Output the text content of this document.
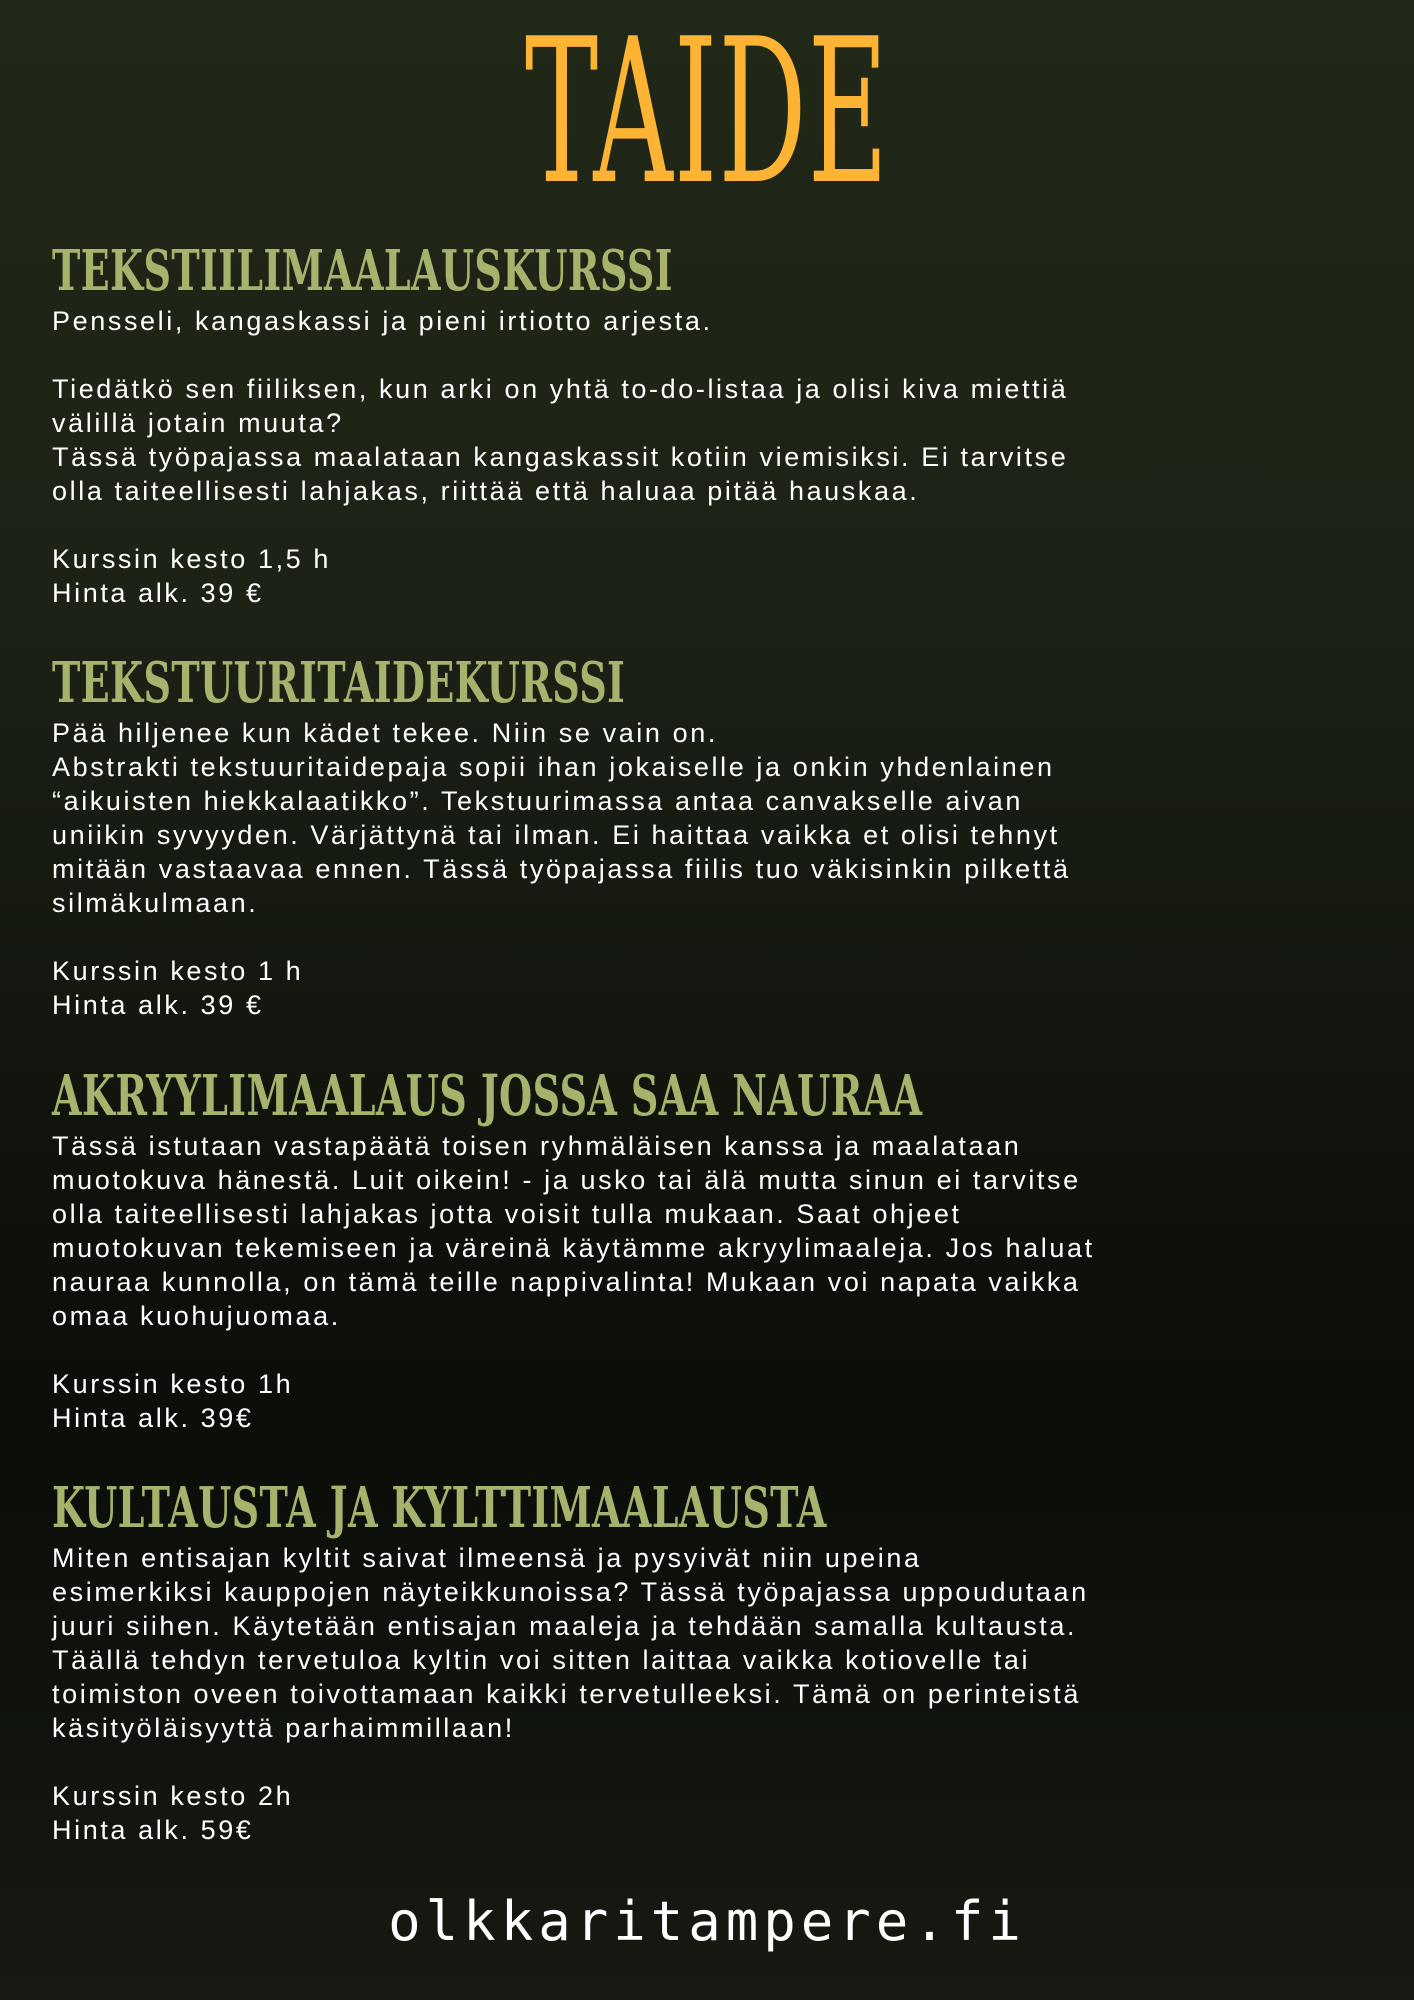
TAIDE
TEKSTIILIMAALAUSKURSSI
Pensseli, kangaskassi ja pieni irtiotto arjesta.
Tiedätkö sen fiiliksen, kun arki on yhtä to-do-listaa ja olisi kiva miettiä
välillä jotain muuta?
Tässä työpajassa maalataan kangaskassit kotiin viemisiksi. Ei tarvitse
olla taiteellisesti lahjakas, riittää että haluaa pitää hauskaa.
Kurssin kesto 1,5 h
Hinta alk. 39 €
TEKSTUURITAIDEKURSSI
Pää hiljenee kun kädet tekee. Niin se vain on.
Abstrakti tekstuuritaidepaja sopii ihan jokaiselle ja onkin yhdenlainen
“aikuisten hiekkalaatikko”. Tekstuurimassa antaa canvakselle aivan
uniikin syvyyden. Värjättynä tai ilman. Ei haittaa vaikka et olisi tehnyt
mitään vastaavaa ennen. Tässä työpajassa fiilis tuo väkisinkin pilkettä
silmäkulmaan.
Kurssin kesto 1 h
Hinta alk. 39 €
AKRYYLIMAALAUS JOSSA SAA NAURAA
Tässä istutaan vastapäätä toisen ryhmäläisen kanssa ja maalataan
muotokuva hänestä. Luit oikein! - ja usko tai älä mutta sinun ei tarvitse
olla taiteellisesti lahjakas jotta voisit tulla mukaan. Saat ohjeet
muotokuvan tekemiseen ja väreinä käytämme akryylimaaleja. Jos haluat
nauraa kunnolla, on tämä teille nappivalinta! Mukaan voi napata vaikka
omaa kuohujuomaa.
Kurssin kesto 1h
Hinta alk. 39€
KULTAUSTA JA KYLTTIMAALAUSTA
Miten entisajan kyltit saivat ilmeensä ja pysyivät niin upeina
esimerkiksi kauppojen näyteikkunoissa? Tässä työpajassa uppoudutaan
juuri siihen. Käytetään entisajan maaleja ja tehdään samalla kultausta.
Täällä tehdyn tervetuloa kyltin voi sitten laittaa vaikka kotiovelle tai
toimiston oveen toivottamaan kaikki tervetulleeksi. Tämä on perinteistä
käsityöläisyyttä parhaimmillaan!
Kurssin kesto 2h
Hinta alk. 59€

olkkaritampere.fi
